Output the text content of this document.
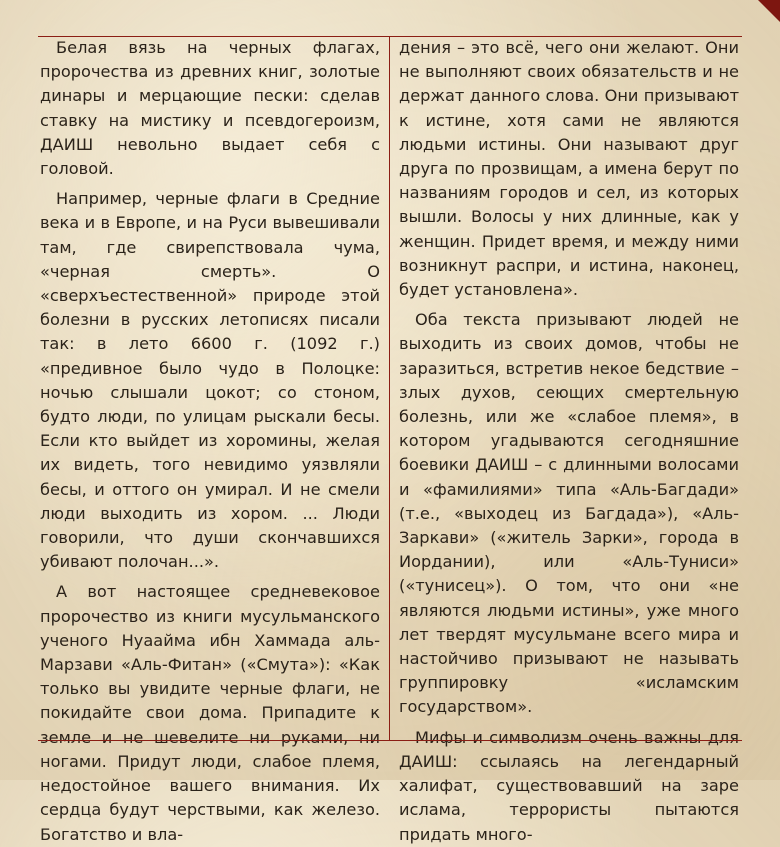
Белая вязь на черных флагах, пророчества из древних книг, золотые динары и мерцающие пески: сделав ставку на мистику и псевдогероизм, ДАИШ невольно выдает себя с головой.

Например, черные флаги в Средние века и в Европе, и на Руси вывешивали там, где свирепствовала чума, «черная смерть». О «сверхъестественной» природе этой болезни в русских летописях писали так: в лето 6600 г. (1092 г.) «предивное было чудо в Полоцке: ночью слышали цокот; со стоном, будто люди, по улицам рыскали бесы. Если кто выйдет из хоромины, желая их видеть, того невидимо уязвляли бесы, и оттого он умирал. И не смели люди выходить из хором. ... Люди говорили, что души скончавшихся убивают полочан...».

А вот настоящее средневековое пророчество из книги мусульманского ученого Нуаайма ибн Хаммада аль-Марзави «Аль-Фитан» («Смута»): «Как только вы увидите черные флаги, не покидайте свои дома. Припадите к земле и не шевелите ни руками, ни ногами. Придут люди, слабое племя, недостойное вашего внимания. Их сердца будут черствыми, как железо. Богатство и вла-

дения – это всё, чего они желают. Они не выполняют своих обязательств и не держат данного слова. Они призывают к истине, хотя сами не являются людьми истины. Они называют друг друга по прозвищам, а имена берут по названиям городов и сел, из которых вышли. Волосы у них длинные, как у женщин. Придет время, и между ними возникнут распри, и истина, наконец, будет установлена».

Оба текста призывают людей не выходить из своих домов, чтобы не заразиться, встретив некое бедствие – злых духов, сеющих смертельную болезнь, или же «слабое племя», в котором угадываются сегодняшние боевики ДАИШ – с длинными волосами и «фамилиями» типа «Аль-Багдади» (т.е., «выходец из Багдада»), «Аль-Заркави» («житель Зарки», города в Иордании), или «Аль-Туниси» («тунисец»). О том, что они «не являются людьми истины», уже много лет твердят мусульмане всего мира и настойчиво призывают не называть группировку «исламским государством».

Мифы и символизм очень важны для ДАИШ: ссылаясь на легендарный халифат, существовавший на заре ислама, террористы пытаются придать много-
